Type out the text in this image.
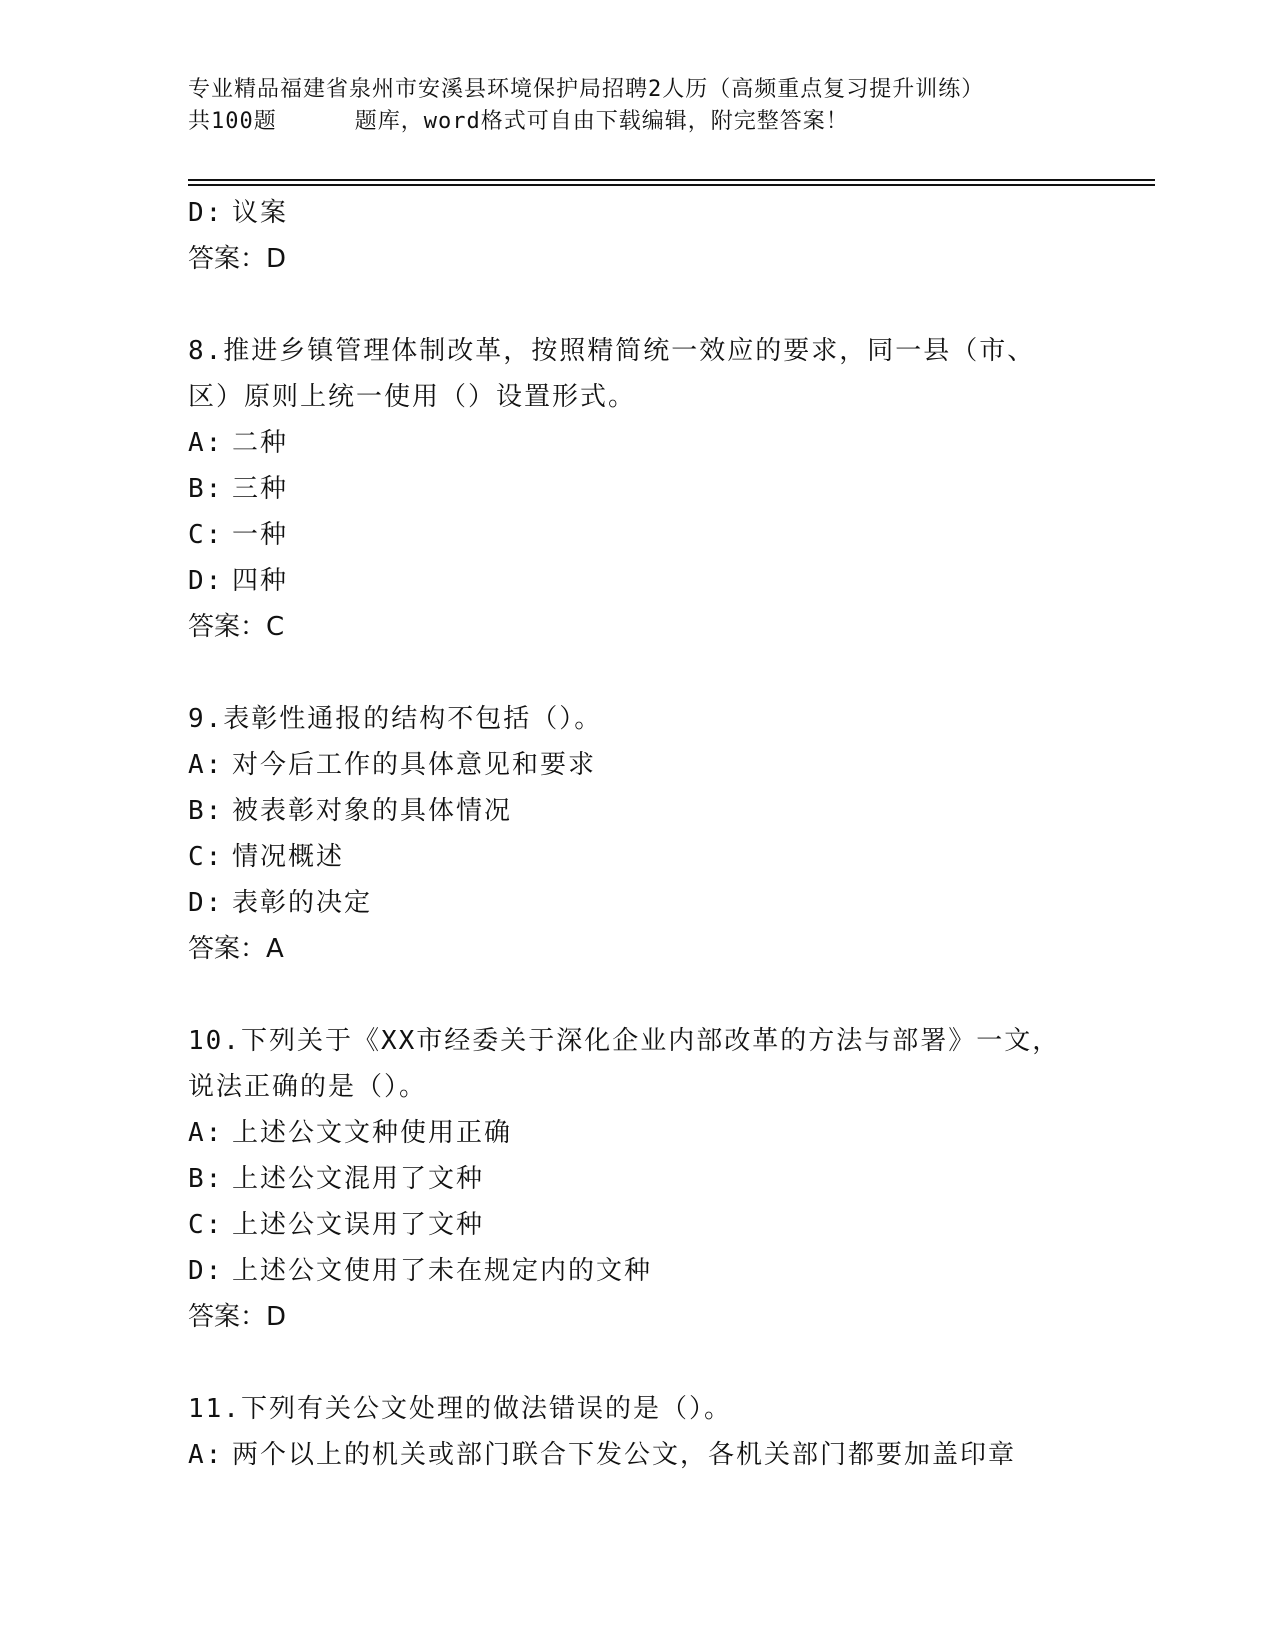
专业精品福建省泉州市安溪县环境保护局招聘2人历（高频重点复习提升训练）
共100题	题库，word格式可自由下载编辑，附完整答案！
D: 议案
答案：D
8.推进乡镇管理体制改革，按照精简统一效应的要求，同一县（市、
区）原则上统一使用（）设置形式。
A: 二种
B: 三种
C: 一种
D: 四种
答案：C
9.表彰性通报的结构不包括（）。
A: 对今后工作的具体意见和要求
B: 被表彰对象的具体情况
C: 情况概述
D: 表彰的决定
答案：A
10.下列关于《XX市经委关于深化企业内部改革的方法与部署》一文，
说法正确的是（）。
A: 上述公文文种使用正确
B: 上述公文混用了文种
C: 上述公文误用了文种
D: 上述公文使用了未在规定内的文种
答案：D
11.下列有关公文处理的做法错误的是（）。
A: 两个以上的机关或部门联合下发公文，各机关部门都要加盖印章
